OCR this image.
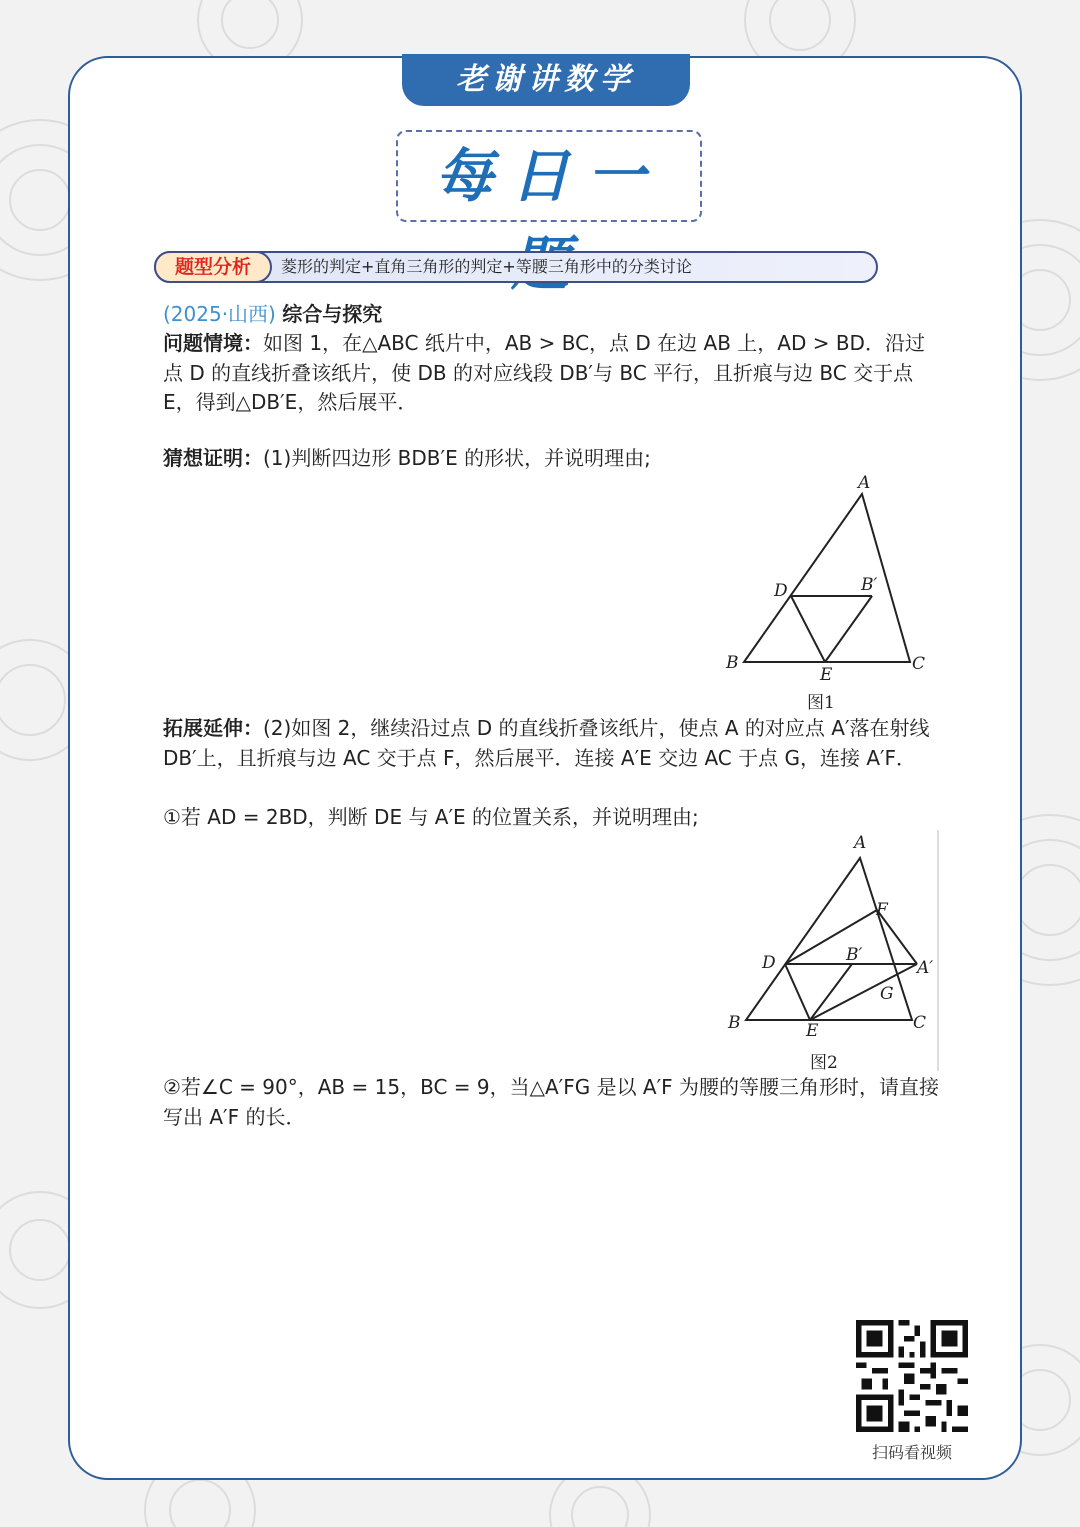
老谢讲数学
每日一
题型分析	菱形的判定+直角三角形的判定+等腰三角形中的分类讨论
(2025·山西) 综合与探究
问题情境：如图 1，在△ABC 纸片中，AB > BC，点 D 在边 AB 上，AD > BD．沿过点 D 的直线折叠该纸片，使 DB 的对应线段 DB′与 BC 平行，且折痕与边 BC 交于点 E，得到△DB′E，然后展平．
猜想证明：(1)判断四边形 BDB′E 的形状，并说明理由;
A
B	C
D
E
B′
图1
拓展延伸：(2)如图 2，继续沿过点 D 的直线折叠该纸片，使点 A 的对应点 A′落在射线 DB′上，且折痕与边 AC 交于点 F，然后展平．连接 A′E 交边 AC 于点 G，连接 A′F．
①若 AD = 2BD，判断 DE 与 A′E 的位置关系，并说明理由;
A
B	C
D
E
F
G
B′
A′
图2
②若∠C = 90°，AB = 15，BC = 9，当△A′FG 是以 A′F 为腰的等腰三角形时，请直接写出 A′F 的长．
扫码看视频
